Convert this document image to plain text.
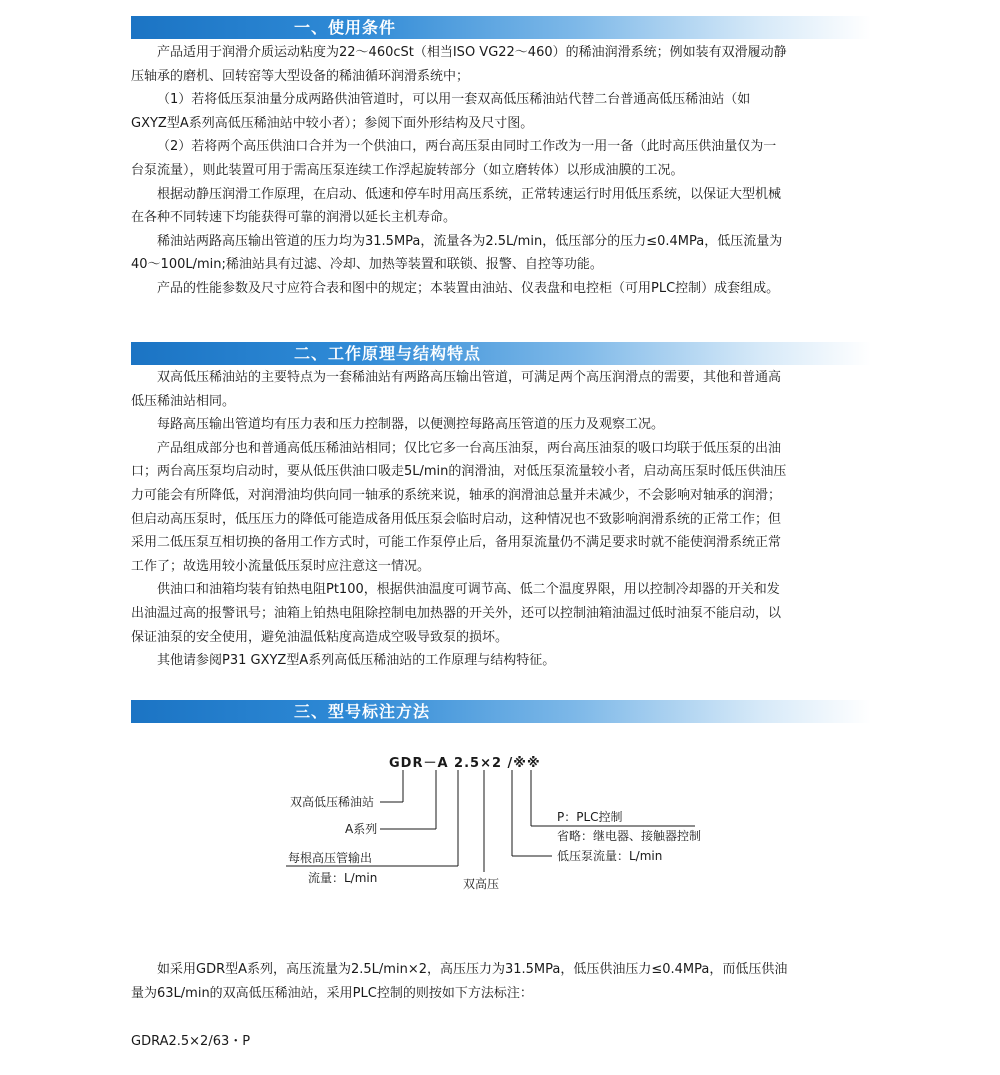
一、使用条件

产品适用于润滑介质运动粘度为22～460cSt（相当ISO VG22～460）的稀油润滑系统；例如装有双滑履动静

压轴承的磨机、回转窑等大型设备的稀油循环润滑系统中；

（1）若将低压泵油量分成两路供油管道时，可以用一套双高低压稀油站代替二台普通高低压稀油站（如

GXYZ型A系列高低压稀油站中较小者）；参阅下面外形结构及尺寸图。

（2）若将两个高压供油口合并为一个供油口，两台高压泵由同时工作改为一用一备（此时高压供油量仅为一

台泵流量），则此装置可用于需高压泵连续工作浮起旋转部分（如立磨转体）以形成油膜的工况。

根据动静压润滑工作原理，在启动、低速和停车时用高压系统，正常转速运行时用低压系统，以保证大型机械

在各种不同转速下均能获得可靠的润滑以延长主机寿命。

稀油站两路高压输出管道的压力均为31.5MPa，流量各为2.5L/min，低压部分的压力≤0.4MPa，低压流量为

40～100L/min;稀油站具有过滤、冷却、加热等装置和联锁、报警、自控等功能。

产品的性能参数及尺寸应符合表和图中的规定；本装置由油站、仪表盘和电控柜（可用PLC控制）成套组成。

二、工作原理与结构特点

双高低压稀油站的主要特点为一套稀油站有两路高压输出管道，可满足两个高压润滑点的需要，其他和普通高

低压稀油站相同。

每路高压输出管道均有压力表和压力控制器，以便测控每路高压管道的压力及观察工况。

产品组成部分也和普通高低压稀油站相同；仅比它多一台高压油泵，两台高压油泵的吸口均联于低压泵的出油

口；两台高压泵均启动时，要从低压供油口吸走5L/min的润滑油，对低压泵流量较小者，启动高压泵时低压供油压

力可能会有所降低，对润滑油均供向同一轴承的系统来说，轴承的润滑油总量并未减少，不会影响对轴承的润滑；

但启动高压泵时，低压压力的降低可能造成备用低压泵会临时启动，这种情况也不致影响润滑系统的正常工作；但

采用二低压泵互相切换的备用工作方式时，可能工作泵停止后，备用泵流量仍不满足要求时就不能使润滑系统正常

工作了；故选用较小流量低压泵时应注意这一情况。

供油口和油箱均装有铂热电阻Pt100，根据供油温度可调节高、低二个温度界限，用以控制冷却器的开关和发

出油温过高的报警讯号；油箱上铂热电阻除控制电加热器的开关外，还可以控制油箱油温过低时油泵不能启动，以

保证油泵的安全使用，避免油温低粘度高造成空吸导致泵的损坏。

其他请参阅P31 GXYZ型A系列高低压稀油站的工作原理与结构特征。

三、型号标注方法
GDR－A 2.5×2 /※※
双高低压稀油站
A系列
每根高压管输出
流量：L/min	双高压
P：PLC控制
省略：继电器、接触器控制
低压泵流量：L/min

如采用GDR型A系列，高压流量为2.5L/min×2，高压压力为31.5MPa，低压供油压力≤0.4MPa，而低压供油

量为63L/min的双高低压稀油站，采用PLC控制的则按如下方法标注：

GDRA2.5×2/63・P
